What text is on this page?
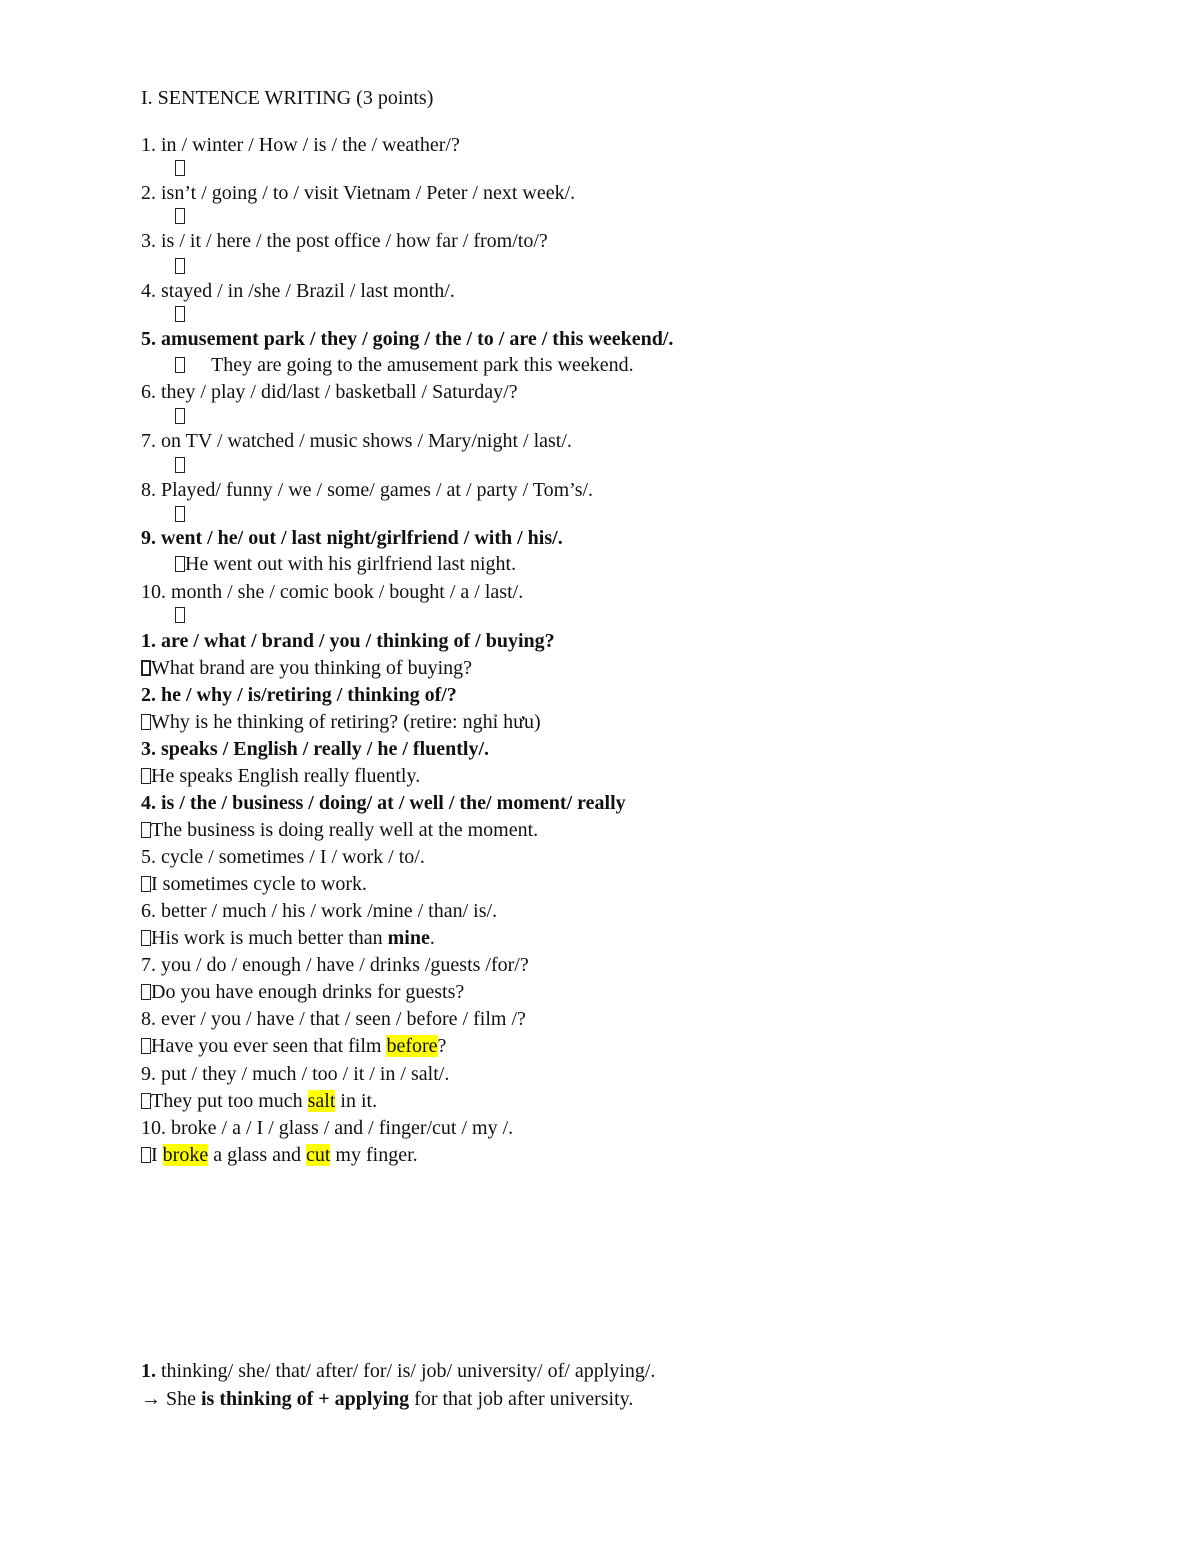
I. SENTENCE WRITING (3 points)
1. in / winter / How / is / the / weather/?
2. isn’t / going / to / visit Vietnam / Peter / next week/.
3. is / it / here / the post office / how far / from/to/?
4. stayed / in /she / Brazil / last month/.
5. amusement park / they / going / the / to / are / this weekend/.
They are going to the amusement park this weekend.
6. they / play / did/last / basketball / Saturday/?
7. on TV / watched / music shows / Mary/night / last/.
8. Played/ funny / we / some/ games / at / party / Tom’s/.
9. went / he/ out / last night/girlfriend / with / his/.
He went out with his girlfriend last night.
10. month / she / comic book / bought / a / last/.
1. are / what / brand / you / thinking of / buying?
What brand are you thinking of buying?
2. he / why / is/retiring / thinking of/?
Why is he thinking of retiring? (retire: nghỉ hưu)
3. speaks / English / really / he / fluently/.
He speaks English really fluently.
4. is / the / business / doing/ at / well / the/ moment/ really
The business is doing really well at the moment.
5. cycle / sometimes / I / work / to/.
I sometimes cycle to work.
6. better / much / his / work /mine / than/ is/.
His work is much better than mine.
7. you / do / enough / have / drinks /guests /for/?
Do you have enough drinks for guests?
8. ever / you / have / that / seen / before / film /?
Have you ever seen that film before?
9. put / they / much / too / it / in / salt/.
They put too much salt in it.
10. broke / a / I / glass / and / finger/cut / my /.
I broke a glass and cut my finger.
1. thinking/ she/ that/ after/ for/ is/ job/ university/ of/ applying/.
→ She is thinking of + applying for that job after university.
